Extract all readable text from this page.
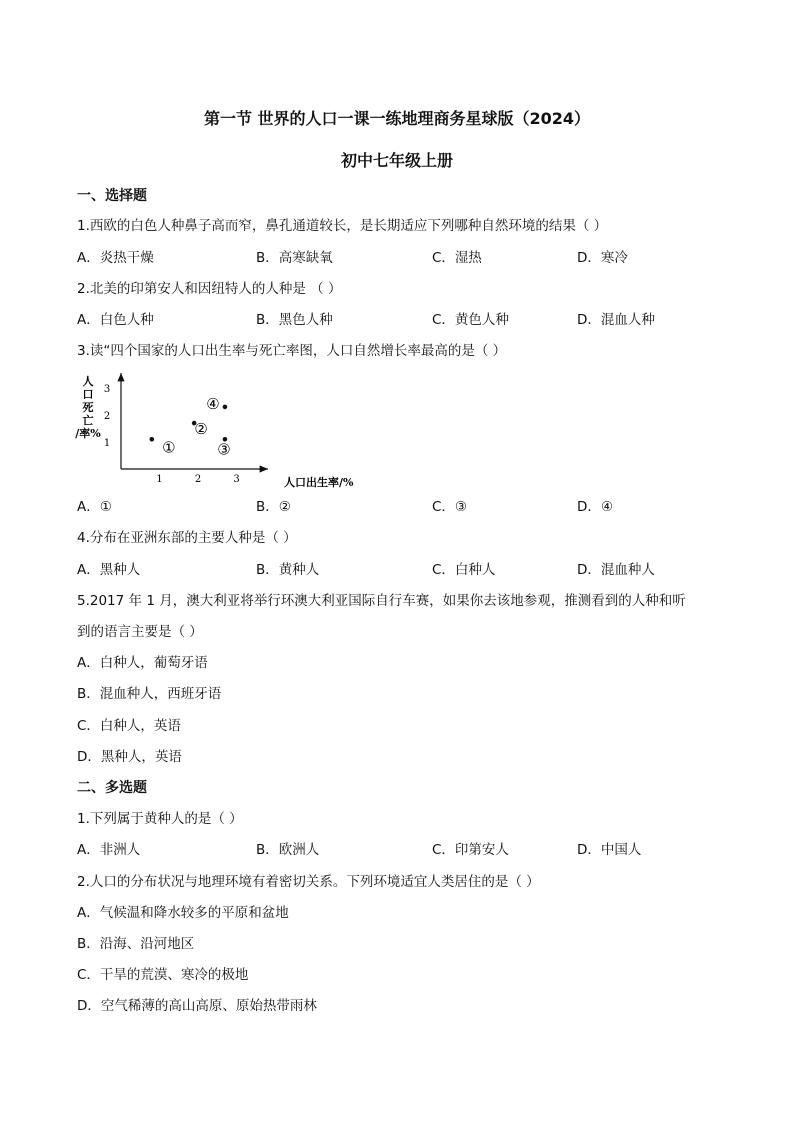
第一节 世界的人口一课一练地理商务星球版（2024）
初中七年级上册
一、选择题
1.西欧的白色人种鼻子高而窄，鼻孔通道较长，是长期适应下列哪种自然环境的结果（ ）
A．炎热干燥	B．高寒缺氧	C．湿热	D．寒冷
2.北美的印第安人和因纽特人的人种是 （ ）
A．白色人种	B．黑色人种	C．黄色人种	D．混血人种
3.读“四个国家的人口出生率与死亡率图，人口自然增长率最高的是（ ）
人
口
死
亡
/率%
1
2
3
1	2	3
①
②
③
④
人口出生率/%
A．①	B．②	C．③	D．④
4.分布在亚洲东部的主要人种是（ ）
A．黑种人	B．黄种人	C．白种人	D．混血种人
5.2017 年 1 月，澳大利亚将举行环澳大利亚国际自行车赛，如果你去该地参观，推测看到的人种和听
到的语言主要是（ ）
A．白种人，葡萄牙语
B．混血种人，西班牙语
C．白种人，英语
D．黑种人，英语
二、多选题
1.下列属于黄种人的是（ ）
A．非洲人	B．欧洲人	C．印第安人	D．中国人
2.人口的分布状况与地理环境有着密切关系。下列环境适宜人类居住的是（ ）
A．气候温和降水较多的平原和盆地
B．沿海、沿河地区
C．干旱的荒漠、寒冷的极地
D．空气稀薄的高山高原、原始热带雨林
